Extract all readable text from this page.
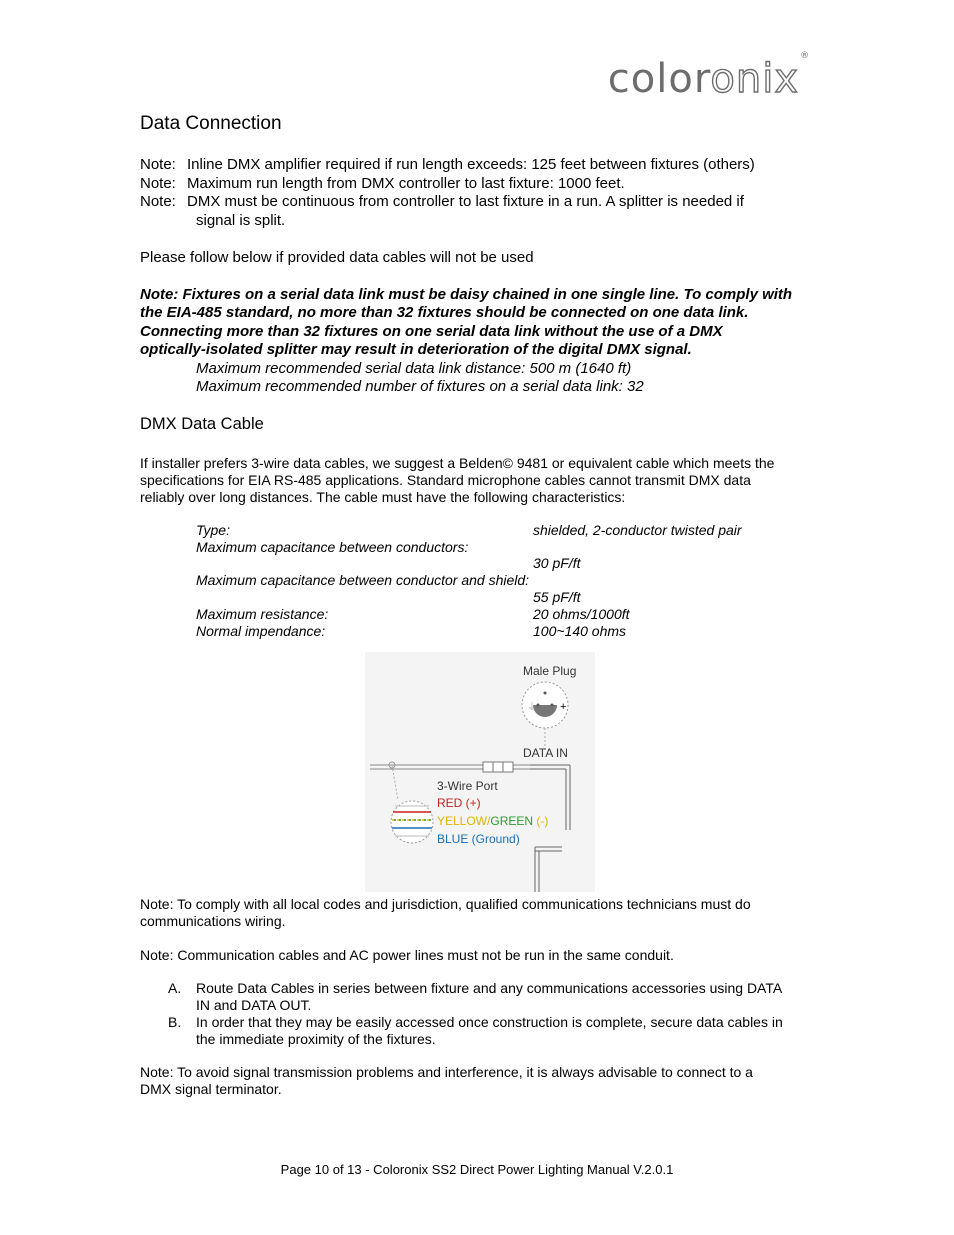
coloronix®
Data Connection
Note: Inline DMX amplifier required if run length exceeds: 125 feet between fixtures (others)
Note: Maximum run length from DMX controller to last fixture: 1000 feet.
Note: DMX must be continuous from controller to last fixture in a run. A splitter is needed if
signal is split.
Please follow below if provided data cables will not be used
Note: Fixtures on a serial data link must be daisy chained in one single line. To comply with
the EIA-485 standard, no more than 32 fixtures should be connected on one data link.
Connecting more than 32 fixtures on one serial data link without the use of a DMX
optically-isolated splitter may result in deterioration of the digital DMX signal.
Maximum recommended serial data link distance: 500 m (1640 ft)
Maximum recommended number of fixtures on a serial data link: 32
DMX Data Cable
If installer prefers 3-wire data cables, we suggest a Belden© 9481 or equivalent cable which meets the
specifications for EIA RS-485 applications. Standard microphone cables cannot transmit DMX data
reliably over long distances. The cable must have the following characteristics:
Type:	shielded, 2-conductor twisted pair
Maximum capacitance between conductors:
30 pF/ft
Maximum capacitance between conductor and shield:
55 pF/ft
Maximum resistance:	20 ohms/1000ft
Normal impendance:	100~140 ohms
Male Plug
⏚ +
DATA IN
3-Wire Port
RED (+)
YELLOW/GREEN (-)
BLUE (Ground)
Note: To comply with all local codes and jurisdiction, qualified communications technicians must do
communications wiring.
Note: Communication cables and AC power lines must not be run in the same conduit.
A. Route Data Cables in series between fixture and any communications accessories using DATA
IN and DATA OUT.
B. In order that they may be easily accessed once construction is complete, secure data cables in
the immediate proximity of the fixtures.
Note: To avoid signal transmission problems and interference, it is always advisable to connect to a
DMX signal terminator.
Page 10 of 13 - Coloronix SS2 Direct Power Lighting Manual V.2.0.1
